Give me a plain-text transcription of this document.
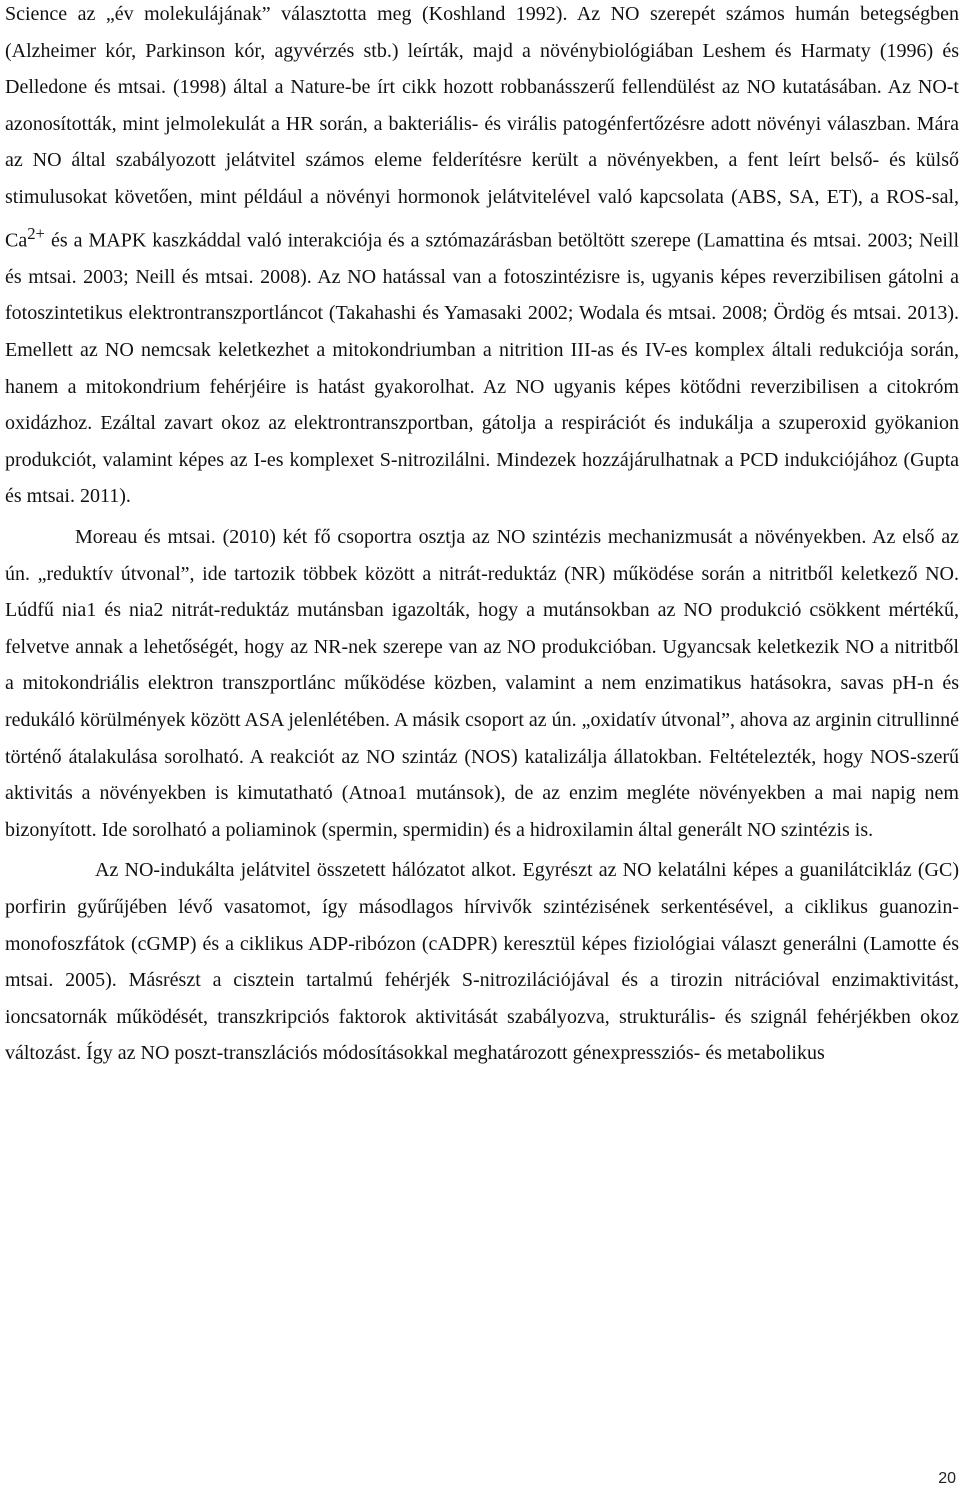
Science az „év molekulájának” választotta meg (Koshland 1992). Az NO szerepét számos humán betegségben (Alzheimer kór, Parkinson kór, agyvérzés stb.) leírták, majd a növénybiológiában Leshem és Harmaty (1996) és Delledone és mtsai. (1998) által a Nature-be írt cikk hozott robbanásszerű fellendülést az NO kutatásában. Az NO-t azonosították, mint jelmolekulát a HR során, a bakteriális- és virális patogénfertőzésre adott növényi válaszban. Mára az NO által szabályozott jelátvitel számos eleme felderítésre került a növényekben, a fent leírt belső- és külső stimulusokat követően, mint például a növényi hormonok jelátvitelével való kapcsolata (ABS, SA, ET), a ROS-sal, $Ca^{2+}$ és a MAPK kaszkáddal való interakciója és a sztómazárásban betöltött szerepe (Lamattina és mtsai. 2003; Neill és mtsai. 2003; Neill és mtsai. 2008). Az NO hatással van a fotoszintézisre is, ugyanis képes reverzibilisen gátolni a fotoszintetikus elektrontranszportláncot (Takahashi és Yamasaki 2002; Wodala és mtsai. 2008; Ördög és mtsai. 2013). Emellett az NO nemcsak keletkezhet a mitokondriumban a nitrition III-as és IV-es komplex általi redukciója során, hanem a mitokondrium fehérjéire is hatást gyakorolhat. Az NO ugyanis képes kötődni reverzibilisen a citokróm oxidázhoz. Ezáltal zavart okoz az elektrontranszportban, gátolja a respirációt és indukálja a szuperoxid gyökanion produkciót, valamint képes az I-es komplexet S-nitrozilálni. Mindezek hozzájárulhatnak a PCD indukciójához (Gupta és mtsai. 2011).

Moreau és mtsai. (2010) két fő csoportra osztja az NO szintézis mechanizmusát a növényekben. Az első az ún. „reduktív útvonal”, ide tartozik többek között a nitrát-reduktáz (NR) működése során a nitritből keletkező NO. Lúdfű nia1 és nia2 nitrát-reduktáz mutánsban igazolták, hogy a mutánsokban az NO produkció csökkent mértékű, felvetve annak a lehetőségét, hogy az NR-nek szerepe van az NO produkcióban. Ugyancsak keletkezik NO a nitritből a mitokondriális elektron transzportlánc működése közben, valamint a nem enzimatikus hatásokra, savas pH-n és redukáló körülmények között ASA jelenlétében. A másik csoport az ún. „oxidatív útvonal”, ahova az arginin citrullinné történő átalakulása sorolható. A reakciót az NO szintáz (NOS) katalizálja állatokban. Feltételezték, hogy NOS-szerű aktivitás a növényekben is kimutatható (Atnoa1 mutánsok), de az enzim megléte növényekben a mai napig nem bizonyított. Ide sorolható a poliaminok (spermin, spermidin) és a hidroxilamin által generált NO szintézis is.

Az NO-indukálta jelátvitel összetett hálózatot alkot. Egyrészt az NO kelatálni képes a guanilátcikláz (GC) porfirin gyűrűjében lévő vasatomot, így másodlagos hírvivők szintézisének serkentésével, a ciklikus guanozin-monofoszfátok (cGMP) és a ciklikus ADP-ribózon (cADPR) keresztül képes fiziológiai választ generálni (Lamotte és mtsai. 2005). Másrészt a cisztein tartalmú fehérjék S-nitrozilációjával és a tirozin nitrációval enzimaktivitást, ioncsatornák működését, transzkripciós faktorok aktivitását szabályozva, strukturális- és szignál fehérjékben okoz változást. Így az NO poszt-transzlációs módosításokkal meghatározott génexpressziós- és metabolikus

20
